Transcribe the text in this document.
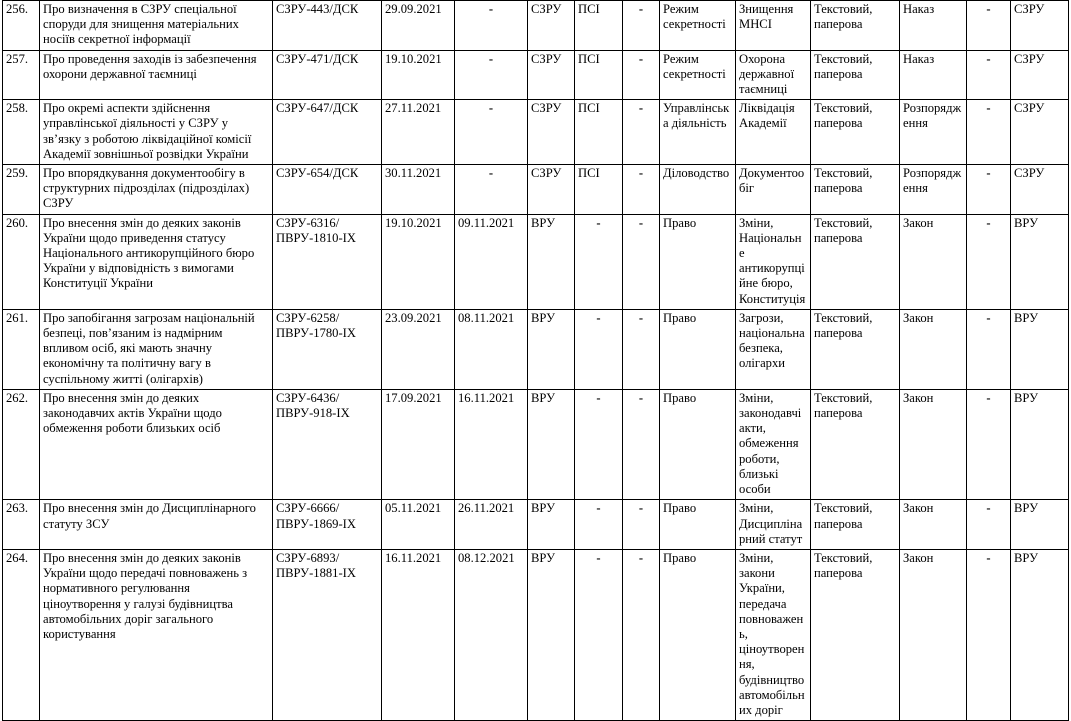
256.	Про визначення в СЗРУ спеціальної споруди для знищення матеріальних носіїв секретної інформації	СЗРУ-443/ДСК	29.09.2021	-	СЗРУ	ПСІ	-	Режим секретності	Знищення МНСІ	Текстовий, паперова	Наказ	-	СЗРУ
257.	Про проведення заходів із забезпечення охорони державної таємниці	СЗРУ-471/ДСК	19.10.2021	-	СЗРУ	ПСІ	-	Режим секретності	Охорона державної таємниці	Текстовий, паперова	Наказ	-	СЗРУ
258.	Про окремі аспекти здійснення управлінської діяльності у СЗРУ у зв’язку з роботою ліквідаційної комісії Академії зовнішньої розвідки України	СЗРУ-647/ДСК	27.11.2021	-	СЗРУ	ПСІ	-	Управлінська діяльність	Ліквідація Академії	Текстовий, паперова	Розпорядження	-	СЗРУ
259.	Про впорядкування документообігу в структурних підрозділах (підрозділах) СЗРУ	СЗРУ-654/ДСК	30.11.2021	-	СЗРУ	ПСІ	-	Діловодство	Документообіг	Текстовий, паперова	Розпорядження	-	СЗРУ
260.	Про внесення змін до деяких законів України щодо приведення статусу Національного антикорупційного бюро України у відповідність з вимогами Конституції України	СЗРУ-6316/ПВРУ-1810-IX	19.10.2021	09.11.2021	ВРУ	-	-	Право	Зміни, Національне антикорупційне бюро, Конституція	Текстовий, паперова	Закон	-	ВРУ
261.	Про запобігання загрозам національній безпеці, пов’язаним із надмірним впливом осіб, які мають значну економічну та політичну вагу в суспільному житті (олігархів)	СЗРУ-6258/ПВРУ-1780-IX	23.09.2021	08.11.2021	ВРУ	-	-	Право	Загрози, національна безпека, олігархи	Текстовий, паперова	Закон	-	ВРУ
262.	Про внесення змін до деяких законодавчих актів України щодо обмеження роботи близьких осіб	СЗРУ-6436/ПВРУ-918-IX	17.09.2021	16.11.2021	ВРУ	-	-	Право	Зміни, законодавчі акти, обмеження роботи, близькі особи	Текстовий, паперова	Закон	-	ВРУ
263.	Про внесення змін до Дисциплінарного статуту ЗСУ	СЗРУ-6666/ПВРУ-1869-IX	05.11.2021	26.11.2021	ВРУ	-	-	Право	Зміни, Дисциплінарний статут	Текстовий, паперова	Закон	-	ВРУ
264.	Про внесення змін до деяких законів України щодо передачі повноважень з нормативного регулювання ціноутворення у галузі будівництва автомобільних доріг загального користування	СЗРУ-6893/ПВРУ-1881-IX	16.11.2021	08.12.2021	ВРУ	-	-	Право	Зміни, закони України, передача повноважень, ціноутворення, будівництво автомобільних доріг	Текстовий, паперова	Закон	-	ВРУ
